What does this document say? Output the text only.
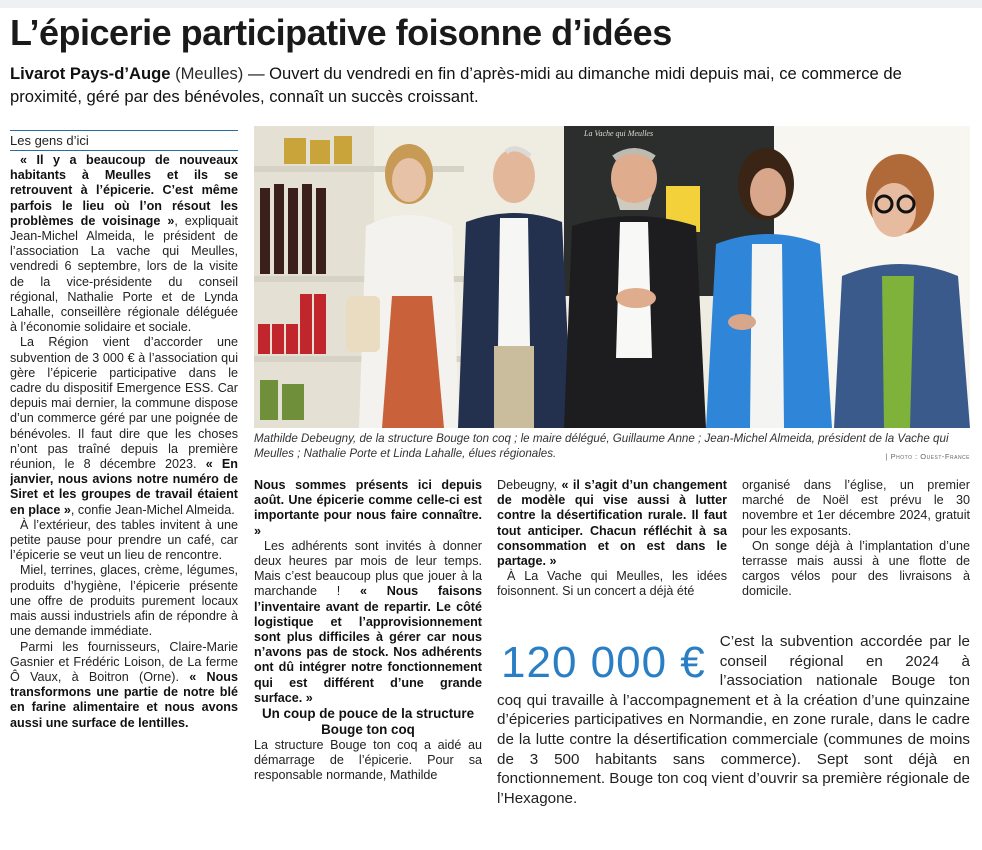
L’épicerie participative foisonne d’idées
Livarot Pays-d’Auge (Meulles) — Ouvert du vendredi en fin d’après-midi au dimanche midi depuis mai, ce commerce de proximité, géré par des bénévoles, connaît un succès croissant.
Les gens d’ici

« Il y a beaucoup de nouveaux habitants à Meulles et ils se retrouvent à l’épicerie. C’est même parfois le lieu où l’on résout les problèmes de voisinage », expliquait Jean-Michel Almeida, le président de l’association La vache qui Meulles, vendredi 6 septembre, lors de la visite de la vice-présidente du conseil régional, Nathalie Porte et de Lynda Lahalle, conseillère régionale déléguée à l’économie solidaire et sociale.

La Région vient d’accorder une subvention de 3 000 € à l’association qui gère l’épicerie participative dans le cadre du dispositif Emergence ESS. Car depuis mai dernier, la commune dispose d’un commerce géré par une poignée de bénévoles. Il faut dire que les choses n’ont pas traîné depuis la première réunion, le 8 décembre 2023. « En janvier, nous avions notre numéro de Siret et les groupes de travail étaient en place », confie Jean-Michel Almeida.

À l’extérieur, des tables invitent à une petite pause pour prendre un café, car l’épicerie se veut un lieu de rencontre.

Miel, terrines, glaces, crème, légumes, produits d’hygiène, l’épicerie présente une offre de produits purement locaux mais aussi industriels afin de répondre à une demande immédiate.

Parmi les fournisseurs, Claire-Marie Gasnier et Frédéric Loison, de La ferme Ô Vaux, à Boitron (Orne). « Nous transformons une partie de notre blé en farine alimentaire et nous avons aussi une surface de lentilles.

Nous sommes présents ici depuis août. Une épicerie comme celle-ci est importante pour nous faire connaître. »

Les adhérents sont invités à donner deux heures par mois de leur temps. Mais c’est beaucoup plus que jouer à la marchande ! « Nous faisons l’inventaire avant de repartir. Le côté logistique et l’approvisionnement sont plus difficiles à gérer car nous n’avons pas de stock. Nos adhérents ont dû intégrer notre fonctionnement qui est différent d’une grande surface. »

Un coup de pouce de la structure Bouge ton coq

La structure Bouge ton coq a aidé au démarrage de l’épicerie. Pour sa responsable normande, Mathilde

Debeugny, « il s’agit d’un changement de modèle qui vise aussi à lutter contre la désertification rurale. Il faut tout anticiper. Chacun réfléchit à sa consommation et on est dans le partage. »

À La Vache qui Meulles, les idées foisonnent. Si un concert a déjà été

organisé dans l’église, un premier marché de Noël est prévu le 30 novembre et 1er décembre 2024, gratuit pour les exposants.

On songe déjà à l’implantation d’une terrasse mais aussi à une flotte de cargos vélos pour des livraisons à domicile.

La Vache qui Meulles
Mathilde Debeugny, de la structure Bouge ton coq ; le maire délégué, Guillaume Anne ; Jean-Michel Almeida, président de la Vache qui Meulles ; Nathalie Porte et Linda Lahalle, élues régionales.	| Photo : Ouest-France
120 000 € C’est la subvention accordée par le conseil régional en 2024 à l’association nationale Bouge ton coq qui travaille à l’accompagnement et à la création d’une quinzaine d’épiceries participatives en Normandie, en zone rurale, dans le cadre de la lutte contre la désertification commerciale (communes de moins de 3 500 habitants sans commerce). Sept sont déjà en fonctionnement. Bouge ton coq vient d’ouvrir sa première régionale de l’Hexagone.
